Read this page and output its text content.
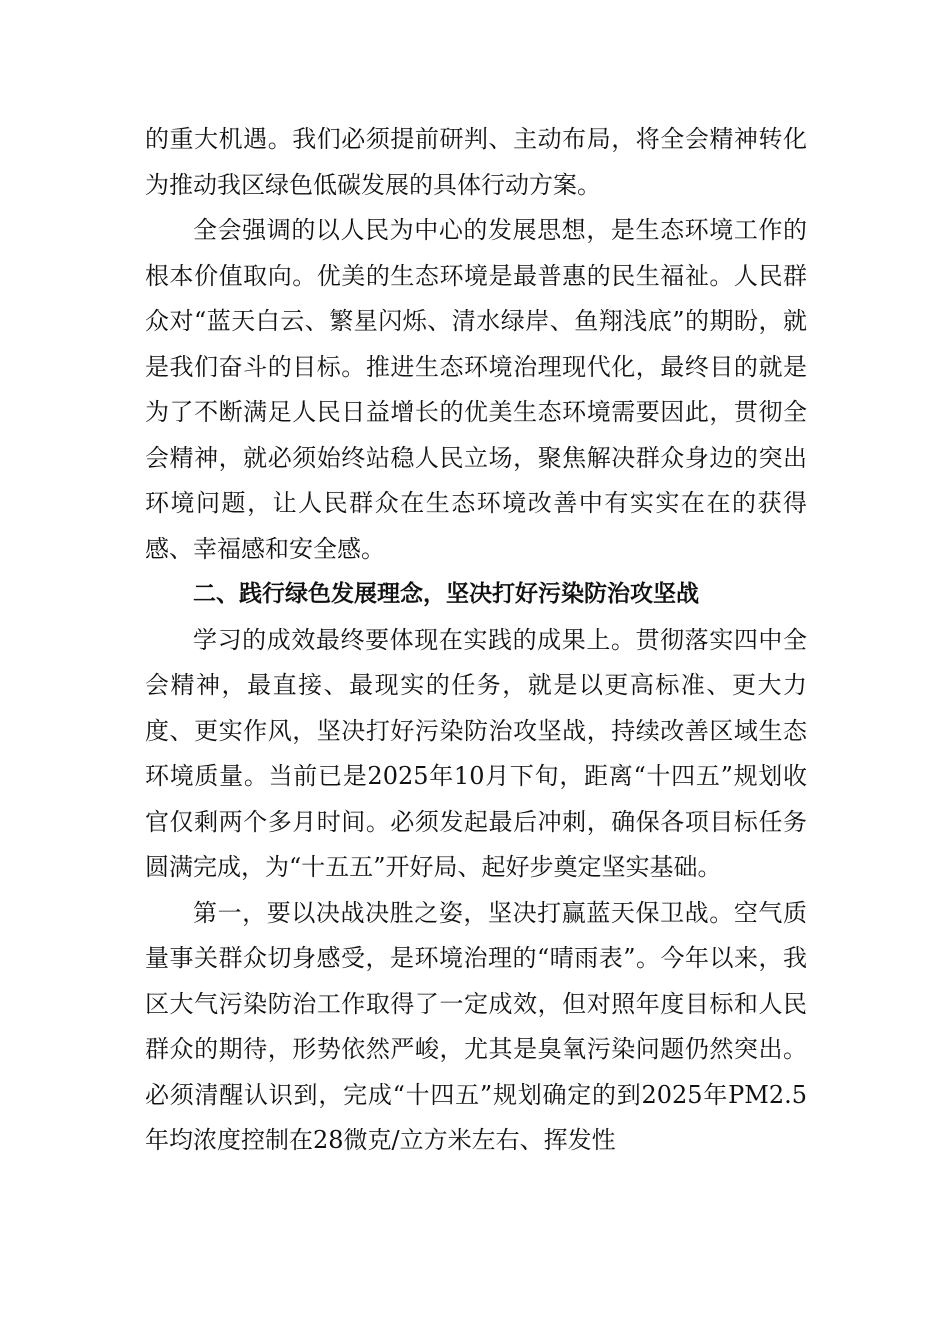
的重大机遇。我们必须提前研判、主动布局，将全会精神转化为推动我区绿色低碳发展的具体行动方案。

全会强调的以人民为中心的发展思想，是生态环境工作的根本价值取向。优美的生态环境是最普惠的民生福祉。人民群众对“蓝天白云、繁星闪烁、清水绿岸、鱼翔浅底”的期盼，就是我们奋斗的目标。推进生态环境治理现代化，最终目的就是为了不断满足人民日益增长的优美生态环境需要因此，贯彻全会精神，就必须始终站稳人民立场，聚焦解决群众身边的突出环境问题，让人民群众在生态环境改善中有实实在在的获得感、幸福感和安全感。

二、践行绿色发展理念，坚决打好污染防治攻坚战

学习的成效最终要体现在实践的成果上。贯彻落实四中全会精神，最直接、最现实的任务，就是以更高标准、更大力度、更实作风，坚决打好污染防治攻坚战，持续改善区域生态环境质量。当前已是2025年10月下旬，距离“十四五”规划收官仅剩两个多月时间。必须发起最后冲刺，确保各项目标任务圆满完成，为“十五五”开好局、起好步奠定坚实基础。

第一，要以决战决胜之姿，坚决打赢蓝天保卫战。空气质量事关群众切身感受，是环境治理的“晴雨表”。今年以来，我区大气污染防治工作取得了一定成效，但对照年度目标和人民群众的期待，形势依然严峻，尤其是臭氧污染问题仍然突出。必须清醒认识到，完成“十四五”规划确定的到2025年PM2.5年均浓度控制在28微克/立方米左右、挥发性
